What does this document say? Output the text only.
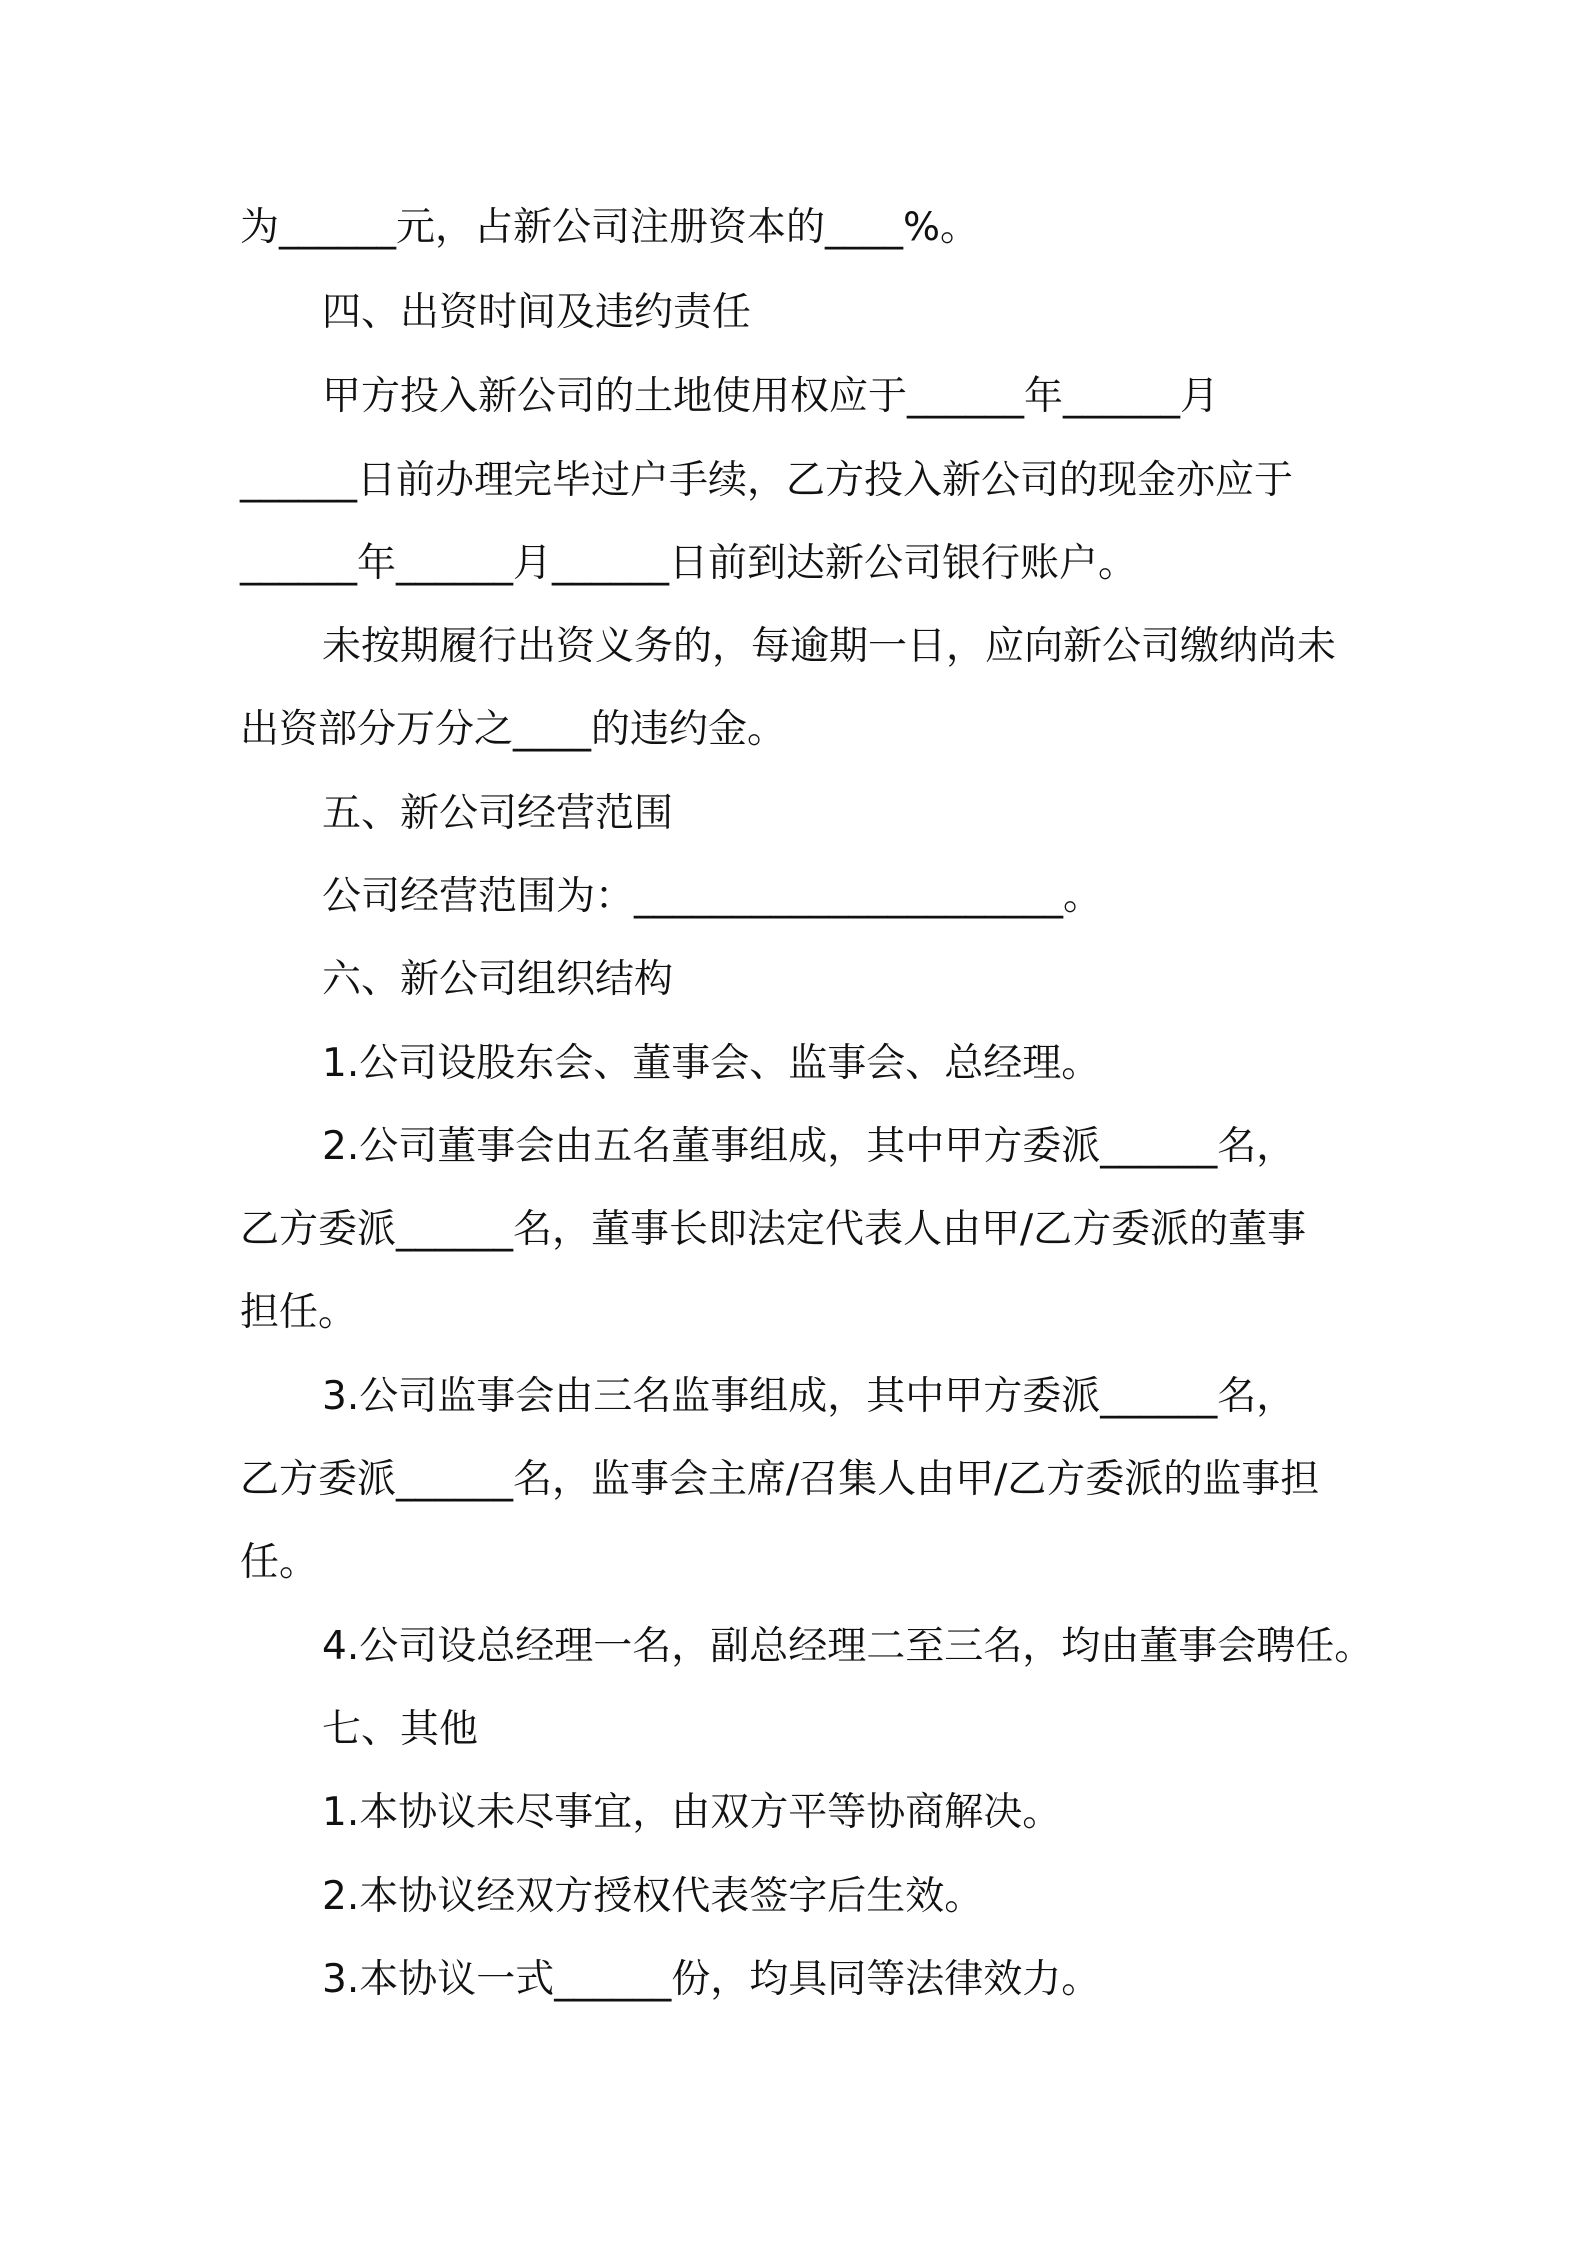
为______元，占新公司注册资本的____%。

四、出资时间及违约责任

甲方投入新公司的土地使用权应于______年______月

______日前办理完毕过户手续，乙方投入新公司的现金亦应于

______年______月______日前到达新公司银行账户。

未按期履行出资义务的，每逾期一日，应向新公司缴纳尚未

出资部分万分之____的违约金。

五、新公司经营范围

公司经营范围为：______________________。

六、新公司组织结构

1.公司设股东会、董事会、监事会、总经理。

2.公司董事会由五名董事组成，其中甲方委派______名，

乙方委派______名，董事长即法定代表人由甲/乙方委派的董事

担任。

3.公司监事会由三名监事组成，其中甲方委派______名，

乙方委派______名，监事会主席/召集人由甲/乙方委派的监事担

任。

4.公司设总经理一名，副总经理二至三名，均由董事会聘任。

七、其他

1.本协议未尽事宜，由双方平等协商解决。

2.本协议经双方授权代表签字后生效。

3.本协议一式______份，均具同等法律效力。
